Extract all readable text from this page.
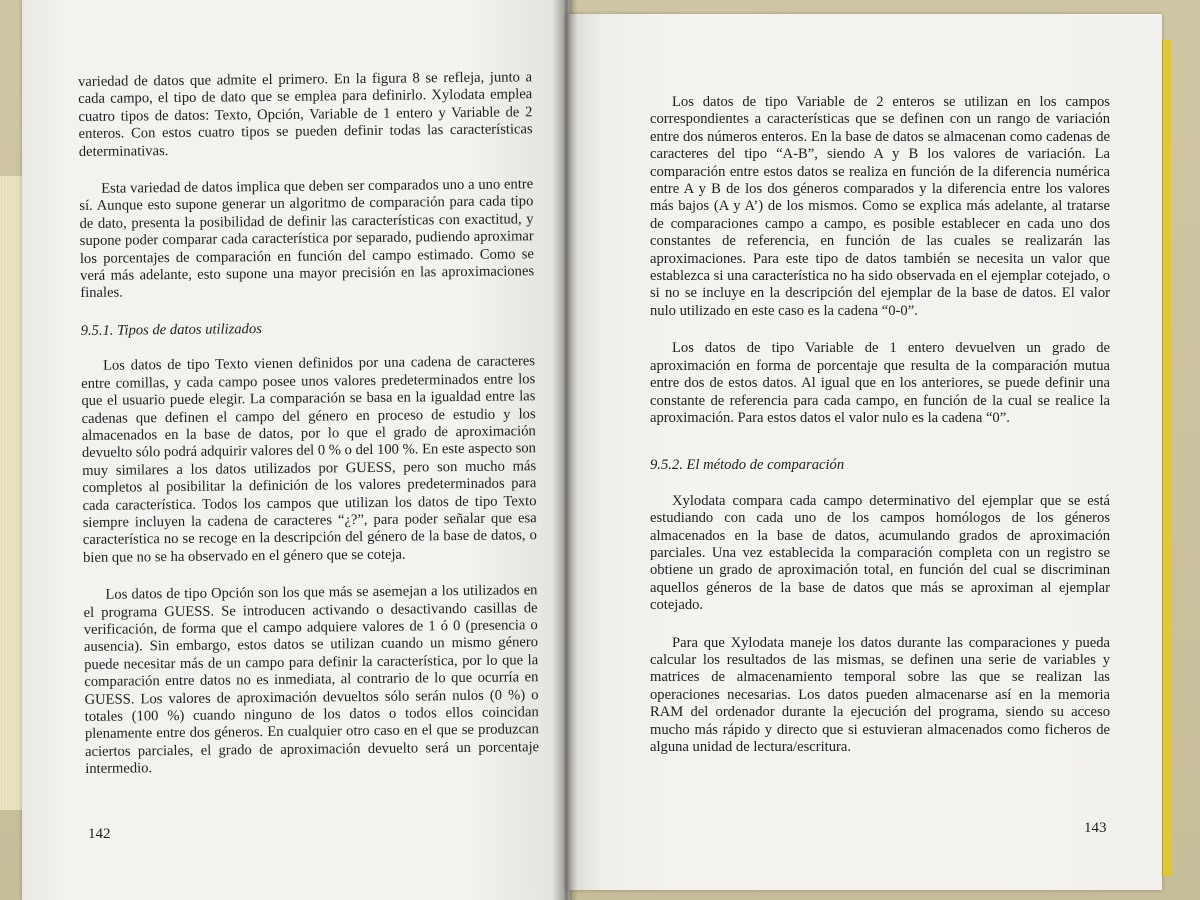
variedad de datos que admite el primero. En la figura 8 se refleja, junto a cada campo, el tipo de dato que se emplea para definirlo. Xylodata emplea cuatro tipos de datos: Texto, Opción, Variable de 1 entero y Variable de 2 enteros. Con estos cuatro tipos se pueden definir todas las características determinativas.

Esta variedad de datos implica que deben ser comparados uno a uno entre sí. Aunque esto supone generar un algoritmo de comparación para cada tipo de dato, presenta la posibilidad de definir las características con exactitud, y supone poder comparar cada característica por separado, pudiendo aproximar los porcentajes de comparación en función del campo estimado. Como se verá más adelante, esto supone una mayor precisión en las aproximaciones finales.

9.5.1. Tipos de datos utilizados

Los datos de tipo Texto vienen definidos por una cadena de caracteres entre comillas, y cada campo posee unos valores predeterminados entre los que el usuario puede elegir. La comparación se basa en la igualdad entre las cadenas que definen el campo del género en proceso de estudio y los almacenados en la base de datos, por lo que el grado de aproximación devuelto sólo podrá adquirir valores del 0 % o del 100 %. En este aspecto son muy similares a los datos utilizados por GUESS, pero son mucho más completos al posibilitar la definición de los valores predeterminados para cada característica. Todos los campos que utilizan los datos de tipo Texto siempre incluyen la cadena de caracteres “¿?”, para poder señalar que esa característica no se recoge en la descripción del género de la base de datos, o bien que no se ha observado en el género que se coteja.

Los datos de tipo Opción son los que más se asemejan a los utilizados en el programa GUESS. Se introducen activando o desactivando casillas de verificación, de forma que el campo adquiere valores de 1 ó 0 (presencia o ausencia). Sin embargo, estos datos se utilizan cuando un mismo género puede necesitar más de un campo para definir la característica, por lo que la comparación entre datos no es inmediata, al contrario de lo que ocurría en GUESS. Los valores de aproximación devueltos sólo serán nulos (0 %) o totales (100 %) cuando ninguno de los datos o todos ellos coincidan plenamente entre dos géneros. En cualquier otro caso en el que se produzcan aciertos parciales, el grado de aproximación devuelto será un porcentaje intermedio.

142

Los datos de tipo Variable de 2 enteros se utilizan en los campos correspondientes a características que se definen con un rango de variación entre dos números enteros. En la base de datos se almacenan como cadenas de caracteres del tipo “A-B”, siendo A y B los valores de variación. La comparación entre estos datos se realiza en función de la diferencia numérica entre A y B de los dos géneros comparados y la diferencia entre los valores más bajos (A y A’) de los mismos. Como se explica más adelante, al tratarse de comparaciones campo a campo, es posible establecer en cada uno dos constantes de referencia, en función de las cuales se realizarán las aproximaciones. Para este tipo de datos también se necesita un valor que establezca si una característica no ha sido observada en el ejemplar cotejado, o si no se incluye en la descripción del ejemplar de la base de datos. El valor nulo utilizado en este caso es la cadena “0-0”.

Los datos de tipo Variable de 1 entero devuelven un grado de aproximación en forma de porcentaje que resulta de la comparación mutua entre dos de estos datos. Al igual que en los anteriores, se puede definir una constante de referencia para cada campo, en función de la cual se realice la aproximación. Para estos datos el valor nulo es la cadena “0”.

9.5.2. El método de comparación

Xylodata compara cada campo determinativo del ejemplar que se está estudiando con cada uno de los campos homólogos de los géneros almacenados en la base de datos, acumulando grados de aproximación parciales. Una vez establecida la comparación completa con un registro se obtiene un grado de aproximación total, en función del cual se discriminan aquellos géneros de la base de datos que más se aproximan al ejemplar cotejado.

Para que Xylodata maneje los datos durante las comparaciones y pueda calcular los resultados de las mismas, se definen una serie de variables y matrices de almacenamiento temporal sobre las que se realizan las operaciones necesarias. Los datos pueden almacenarse así en la memoria RAM del ordenador durante la ejecución del programa, siendo su acceso mucho más rápido y directo que si estuvieran almacenados como ficheros de alguna unidad de lectura/escritura.

143
